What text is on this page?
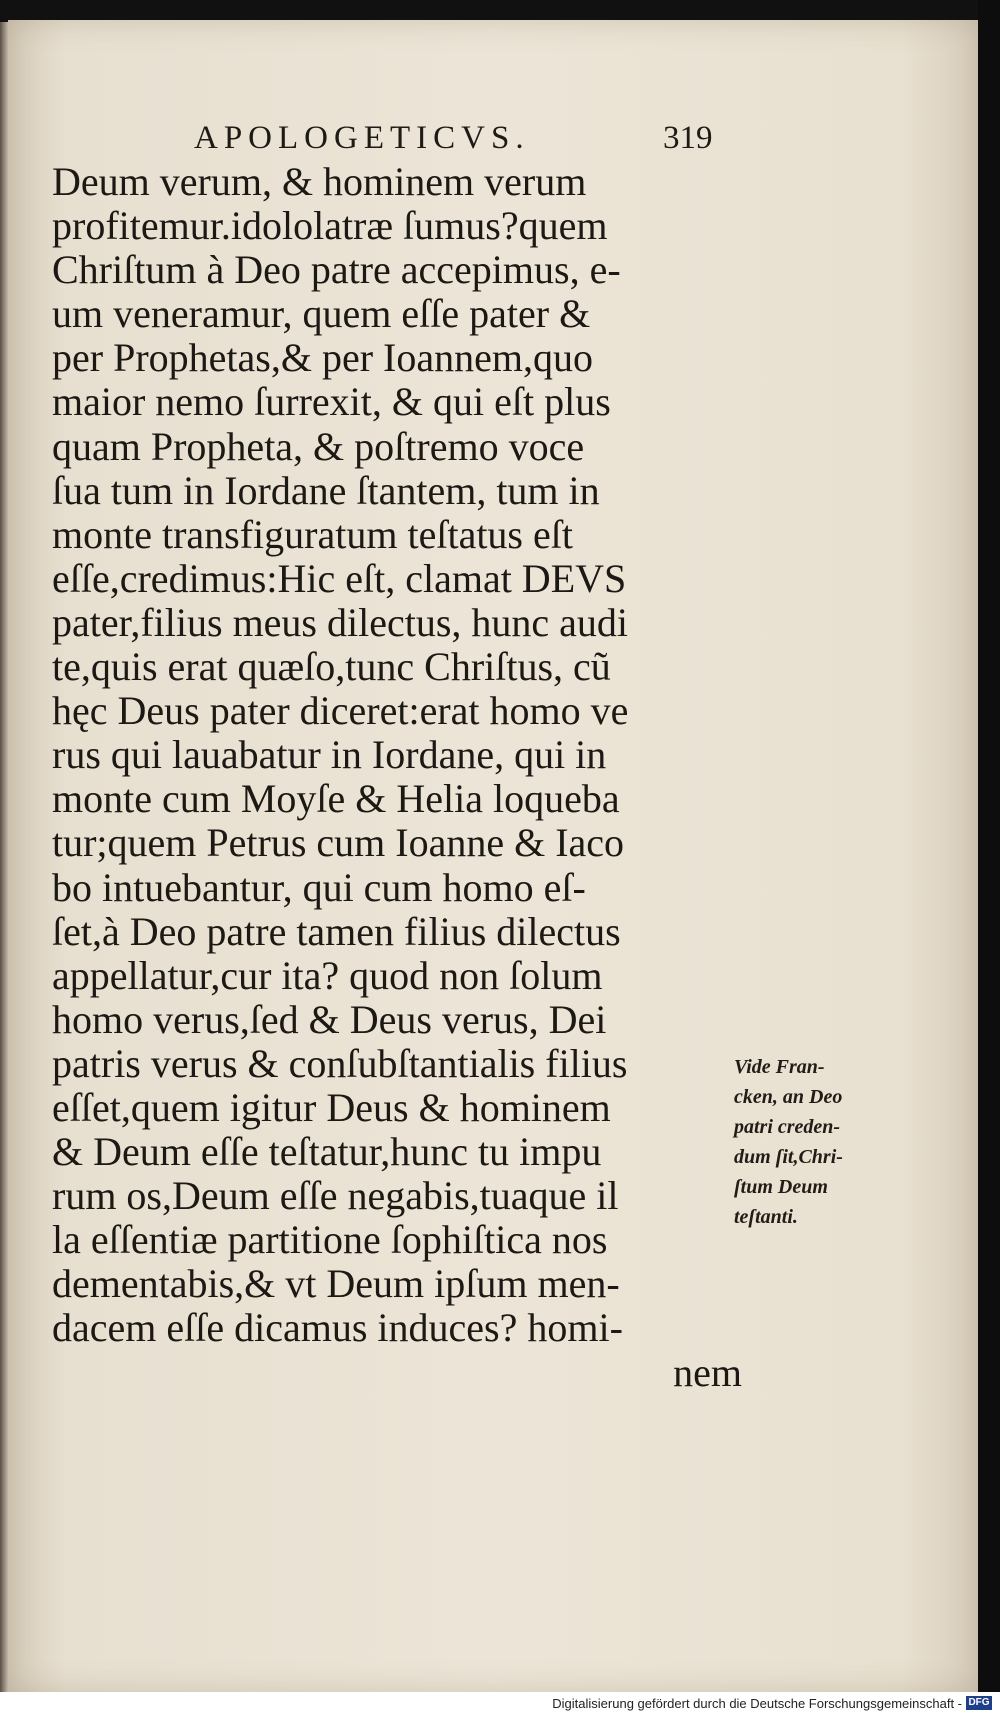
APOLOGETICVS.	319
Deum verum, & hominem verum
profitemur.idololatræ ſumus?quem
Chriſtum à Deo patre accepimus, e-
um veneramur, quem eſſe pater &
per Prophetas,& per Ioannem,quo
maior nemo ſurrexit, & qui eſt plus
quam Propheta, & poſtremo voce
ſua tum in Iordane ſtantem, tum in
monte transfiguratum teſtatus eſt
eſſe,credimus:Hic eſt, clamat DEVS
pater,filius meus dilectus, hunc audi
te,quis erat quæſo,tunc Chriſtus, cũ
hęc Deus pater diceret:erat homo ve
rus qui lauabatur in Iordane, qui in
monte cum Moyſe & Helia loqueba
tur;quem Petrus cum Ioanne & Iaco
bo intuebantur, qui cum homo eſ-
ſet,à Deo patre tamen filius dilectus
appellatur,cur ita? quod non ſolum
homo verus,ſed & Deus verus, Dei
patris verus & conſubſtantialis filius
eſſet,quem igitur Deus & hominem
& Deum eſſe teſtatur,hunc tu impu
rum os,Deum eſſe negabis,tuaque il
la eſſentiæ partitione ſophiſtica nos
dementabis,& vt Deum ipſum men-
dacem eſſe dicamus induces? homi-
nem
Vide Fran-
cken, an Deo
patri creden-
dum ſit,Chri-
ſtum Deum
teſtanti.
Digitalisierung gefördert durch die Deutsche Forschungsgemeinschaft - DFG
